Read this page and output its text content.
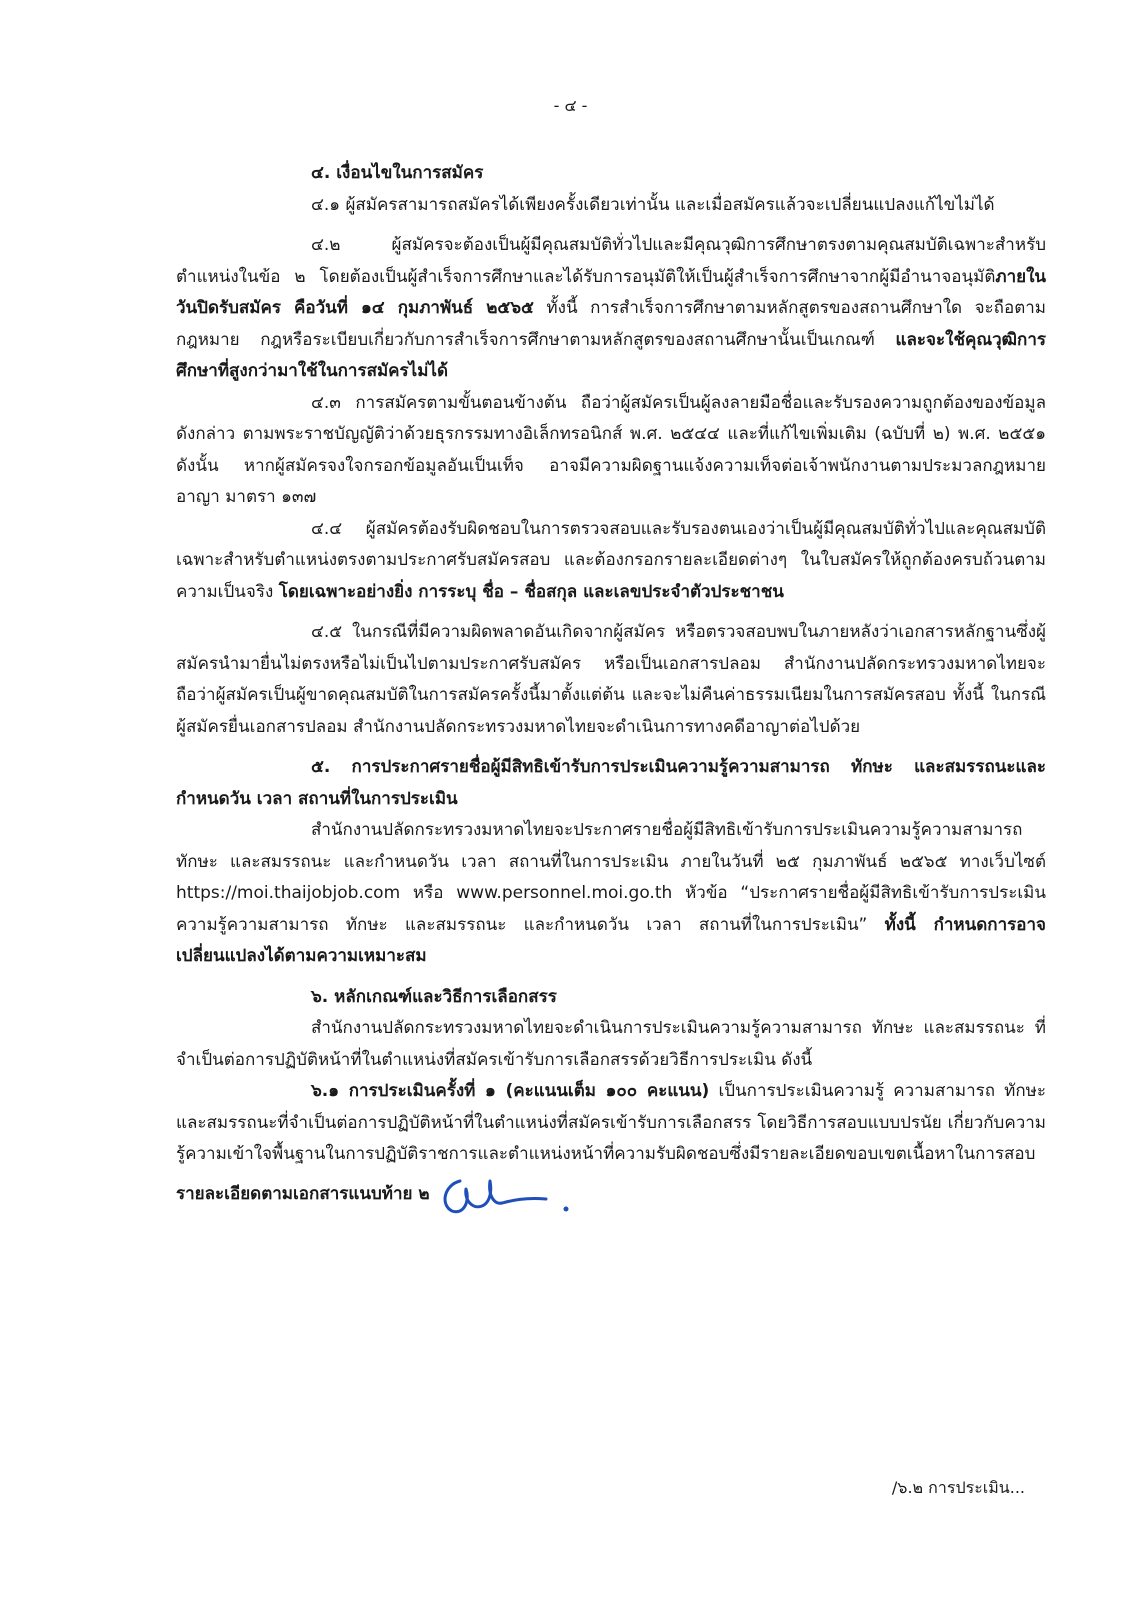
- ๔ -

๔. เงื่อนไขในการสมัคร

๔.๑ ผู้สมัครสามารถสมัครได้เพียงครั้งเดียวเท่านั้น และเมื่อสมัครแล้วจะเปลี่ยนแปลงแก้ไขไม่ได้

๔.๒ ผู้สมัครจะต้องเป็นผู้มีคุณสมบัติทั่วไปและมีคุณวุฒิการศึกษาตรงตามคุณสมบัติเฉพาะสำหรับตำแหน่งในข้อ ๒ โดยต้องเป็นผู้สำเร็จการศึกษาและได้รับการอนุมัติให้เป็นผู้สำเร็จการศึกษาจากผู้มีอำนาจอนุมัติภายในวันปิดรับสมัคร คือวันที่ ๑๔ กุมภาพันธ์ ๒๕๖๕ ทั้งนี้ การสำเร็จการศึกษาตามหลักสูตรของสถานศึกษาใด จะถือตามกฎหมาย กฎหรือระเบียบเกี่ยวกับการสำเร็จการศึกษาตามหลักสูตรของสถานศึกษานั้นเป็นเกณฑ์ และจะใช้คุณวุฒิการศึกษาที่สูงกว่ามาใช้ในการสมัครไม่ได้

๔.๓ การสมัครตามขั้นตอนข้างต้น ถือว่าผู้สมัครเป็นผู้ลงลายมือชื่อและรับรองความถูกต้องของข้อมูลดังกล่าว ตามพระราชบัญญัติว่าด้วยธุรกรรมทางอิเล็กทรอนิกส์ พ.ศ. ๒๕๔๔ และที่แก้ไขเพิ่มเติม (ฉบับที่ ๒) พ.ศ. ๒๕๕๑ ดังนั้น หากผู้สมัครจงใจกรอกข้อมูลอันเป็นเท็จ อาจมีความผิดฐานแจ้งความเท็จต่อเจ้าพนักงานตามประมวลกฎหมายอาญา มาตรา ๑๓๗

๔.๔ ผู้สมัครต้องรับผิดชอบในการตรวจสอบและรับรองตนเองว่าเป็นผู้มีคุณสมบัติทั่วไปและคุณสมบัติเฉพาะสำหรับตำแหน่งตรงตามประกาศรับสมัครสอบ และต้องกรอกรายละเอียดต่างๆ ในใบสมัครให้ถูกต้องครบถ้วนตามความเป็นจริง โดยเฉพาะอย่างยิ่ง การระบุ ชื่อ – ชื่อสกุล และเลขประจำตัวประชาชน

๔.๕ ในกรณีที่มีความผิดพลาดอันเกิดจากผู้สมัคร หรือตรวจสอบพบในภายหลังว่าเอกสารหลักฐานซึ่งผู้สมัครนำมายื่นไม่ตรงหรือไม่เป็นไปตามประกาศรับสมัคร หรือเป็นเอกสารปลอม สำนักงานปลัดกระทรวงมหาดไทยจะถือว่าผู้สมัครเป็นผู้ขาดคุณสมบัติในการสมัครครั้งนี้มาตั้งแต่ต้น และจะไม่คืนค่าธรรมเนียมในการสมัครสอบ ทั้งนี้ ในกรณีผู้สมัครยื่นเอกสารปลอม สำนักงานปลัดกระทรวงมหาดไทยจะดำเนินการทางคดีอาญาต่อไปด้วย

๕. การประกาศรายชื่อผู้มีสิทธิเข้ารับการประเมินความรู้ความสามารถ ทักษะ และสมรรถนะและกำหนดวัน เวลา สถานที่ในการประเมิน

สำนักงานปลัดกระทรวงมหาดไทยจะประกาศรายชื่อผู้มีสิทธิเข้ารับการประเมินความรู้ความสามารถ ทักษะ และสมรรถนะ และกำหนดวัน เวลา สถานที่ในการประเมิน ภายในวันที่ ๒๕ กุมภาพันธ์ ๒๕๖๕ ทางเว็บไซต์ https://moi.thaijobjob.com หรือ www.personnel.moi.go.th หัวข้อ “ประกาศรายชื่อผู้มีสิทธิเข้ารับการประเมินความรู้ความสามารถ ทักษะ และสมรรถนะ และกำหนดวัน เวลา สถานที่ในการประเมิน” ทั้งนี้ กำหนดการอาจเปลี่ยนแปลงได้ตามความเหมาะสม

๖. หลักเกณฑ์และวิธีการเลือกสรร

สำนักงานปลัดกระทรวงมหาดไทยจะดำเนินการประเมินความรู้ความสามารถ ทักษะ และสมรรถนะ ที่จำเป็นต่อการปฏิบัติหน้าที่ในตำแหน่งที่สมัครเข้ารับการเลือกสรรด้วยวิธีการประเมิน ดังนี้

๖.๑ การประเมินครั้งที่ ๑ (คะแนนเต็ม ๑๐๐ คะแนน) เป็นการประเมินความรู้ ความสามารถ ทักษะ และสมรรถนะที่จำเป็นต่อการปฏิบัติหน้าที่ในตำแหน่งที่สมัครเข้ารับการเลือกสรร โดยวิธีการสอบแบบปรนัย เกี่ยวกับความรู้ความเข้าใจพื้นฐานในการปฏิบัติราชการและตำแหน่งหน้าที่ความรับผิดชอบซึ่งมีรายละเอียดขอบเขตเนื้อหาในการสอบ รายละเอียดตามเอกสารแนบท้าย ๒

/๖.๒ การประเมิน...
